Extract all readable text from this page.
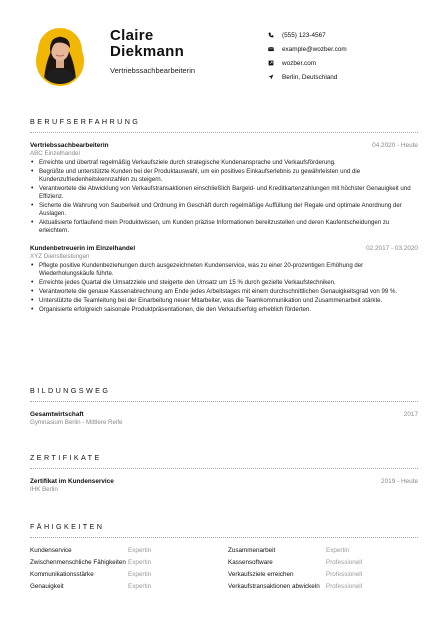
Claire
Diekmann
Vertriebssachbearbeiterin
(555) 123-4567
example@wozber.com
wozber.com
Berlin, Deutschland
BERUFSERFAHRUNG
Vertriebssachbearbeiterin	04.2020 - Heute
ABC Einzelhandel
• Erreichte und übertraf regelmäßig Verkaufsziele durch strategische Kundenansprache und Verkaufsförderung.
• Begrüßte und unterstützte Kunden bei der Produktauswahl, um ein positives Einkaufserlebnis zu gewährleisten und die Kundenzufriedenheitskennzahlen zu steigern.
• Verantwortete die Abwicklung von Verkaufstransaktionen einschließlich Bargeld- und Kreditkartenzahlungen mit höchster Genauigkeit und Effizienz.
• Sicherte die Wahrung von Sauberkeit und Ordnung im Geschäft durch regelmäßige Auffüllung der Regale und optimale Anordnung der Auslagen.
• Aktualisierte fortlaufend mein Produktwissen, um Kunden präzise Informationen bereitzustellen und deren Kaufentscheidungen zu erleichtern.
Kundenbetreuerin im Einzelhandel	02.2017 - 03.2020
XYZ Dienstleistungen
• Pflegte positive Kundenbeziehungen durch ausgezeichneten Kundenservice, was zu einer 20-prozentigen Erhöhung der Wiederholungskäufe führte.
• Erreichte jedes Quartal die Umsatzziele und steigerte den Umsatz um 15 % durch gezielte Verkaufstechniken.
• Verantwortete die genaue Kassenabrechnung am Ende jedes Arbeitstages mit einem durchschnittlichen Genauigkeitsgrad von 99 %.
• Unterstützte die Teamleitung bei der Einarbeitung neuer Mitarbeiter, was die Teamkommunikation und Zusammenarbeit stärkte.
• Organisierte erfolgreich saisonale Produktpräsentationen, die den Verkaufserfolg erheblich förderten.
BILDUNGSWEG
Gesamtwirtschaft	2017
Gymnasium Berlin - Mittlere Reife
ZERTIFIKATE
Zertifikat im Kundenservice	2019 - Heute
IHK Berlin
FÄHIGKEITEN
Kundenservice	Expertin	Zusammenarbeit	Expertin
Zwischenmenschliche Fähigkeiten Expertin	Kassensoftware	Professionell
Kommunikationsstärke	Expertin	Verkaufsziele erreichen	Professionell
Genauigkeit	Expertin	Verkaufstransaktionen abwickeln Professionell
